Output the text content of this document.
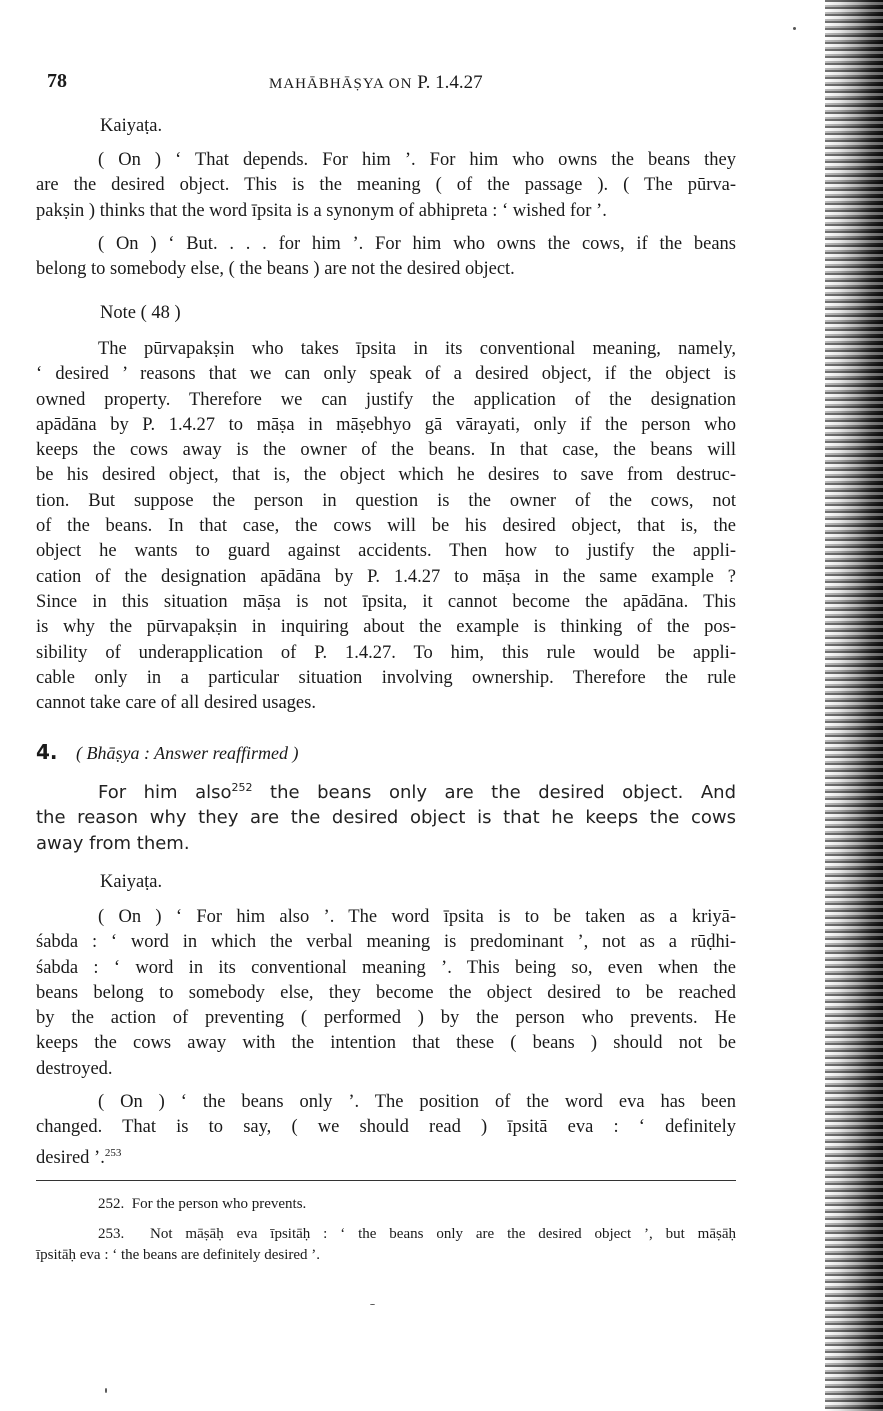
78	MAHĀBHĀṢYA ON P. 1.4.27
Kaiyaṭa.
( On ) ‘ That depends. For him ’. For him who owns the beans they
are the desired object. This is the meaning ( of the passage ). ( The pūrva-
pakṣin ) thinks that the word īpsita is a synonym of abhipreta : ‘ wished for ’.
( On ) ‘ But. . . . for him ’. For him who owns the cows, if the beans
belong to somebody else, ( the beans ) are not the desired object.
Note ( 48 )
The pūrvapakṣin who takes īpsita in its conventional meaning, namely,
‘ desired ’ reasons that we can only speak of a desired object, if the object is
owned property. Therefore we can justify the application of the designation
apādāna by P. 1.4.27 to māṣa in māṣebhyo gā vārayati, only if the person who
keeps the cows away is the owner of the beans. In that case, the beans will
be his desired object, that is, the object which he desires to save from destruc-
tion. But suppose the person in question is the owner of the cows, not
of the beans. In that case, the cows will be his desired object, that is, the
object he wants to guard against accidents. Then how to justify the appli-
cation of the designation apādāna by P. 1.4.27 to māṣa in the same example ?
Since in this situation māṣa is not īpsita, it cannot become the apādāna. This
is why the pūrvapakṣin in inquiring about the example is thinking of the pos-
sibility of underapplication of P. 1.4.27. To him, this rule would be appli-
cable only in a particular situation involving ownership. Therefore the rule
cannot take care of all desired usages.
4. ( Bhāṣya : Answer reaffirmed )
For him also$^{252}$ the beans only are the desired object. And
the reason why they are the desired object is that he keeps the cows
away from them.
Kaiyaṭa.
( On ) ‘ For him also ’. The word īpsita is to be taken as a kriyā-
śabda : ‘ word in which the verbal meaning is predominant ’, not as a rūḍhi-
śabda : ‘ word in its conventional meaning ’. This being so, even when the
beans belong to somebody else, they become the object desired to be reached
by the action of preventing ( performed ) by the person who prevents. He
keeps the cows away with the intention that these ( beans ) should not be
destroyed.
( On ) ‘ the beans only ’. The position of the word eva has been
changed. That is to say, ( we should read ) īpsitā eva : ‘ definitely
desired ’.$^{253}$
252. For the person who prevents.
253. Not māṣāḥ eva īpsitāḥ : ‘ the beans only are the desired object ’, but māṣāḥ
īpsitāḥ eva : ‘ the beans are definitely desired ’.
